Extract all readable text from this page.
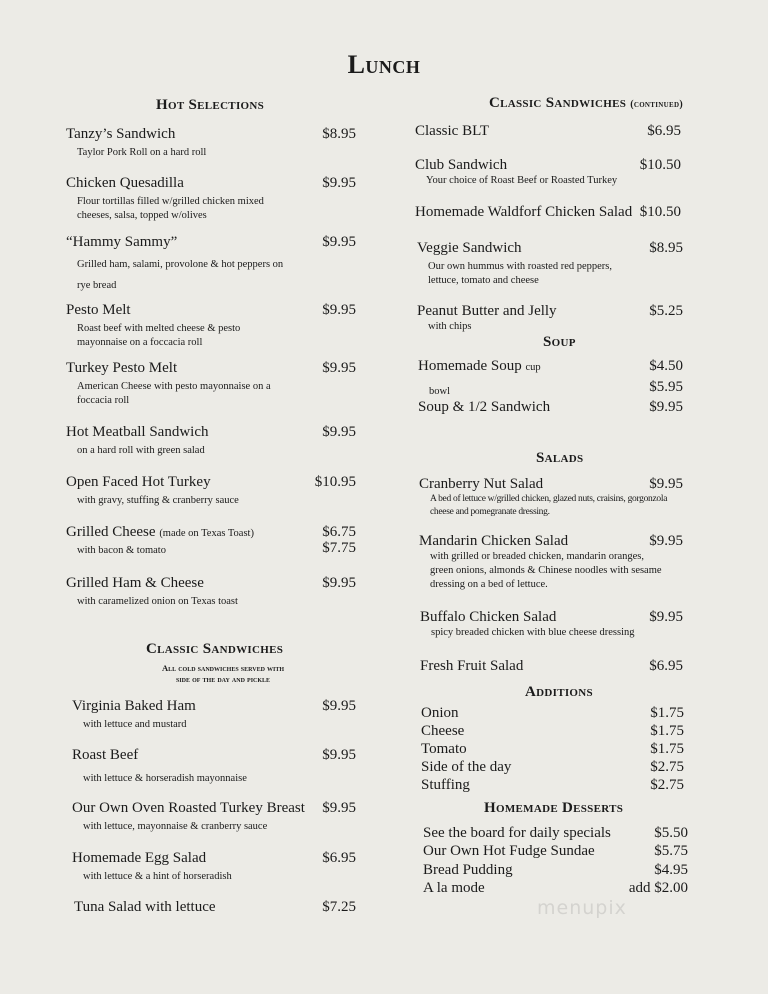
Lunch
Hot Selections
Tanzy’s Sandwich	$8.95
Taylor Pork Roll on a hard roll
Chicken Quesadilla	$9.95
Flour tortillas filled w/grilled chicken mixed cheeses, salsa, topped w/olives
“Hammy Sammy”	$9.95
Grilled ham, salami, provolone & hot peppers on rye bread
Pesto Melt	$9.95
Roast beef with melted cheese & pesto mayonnaise on a foccacia roll
Turkey Pesto Melt	$9.95
American Cheese with pesto mayonnaise on a foccacia roll
Hot Meatball Sandwich	$9.95
on a hard roll with green salad
Open Faced Hot Turkey	$10.95
with gravy, stuffing & cranberry sauce
Grilled Cheese (made on Texas Toast)	$6.75
$7.75
with bacon & tomato
Grilled Ham & Cheese	$9.95
with caramelized onion on Texas toast
Classic Sandwiches
All cold sandwiches served with
side of the day and pickle
Virginia Baked Ham	$9.95
with lettuce and mustard
Roast Beef	$9.95
with lettuce & horseradish mayonnaise
Our Own Oven Roasted Turkey Breast	$9.95
with lettuce, mayonnaise & cranberry sauce
Homemade Egg Salad	$6.95
with lettuce & a hint of horseradish
Tuna Salad with lettuce	$7.25
Classic Sandwiches (continued)
Classic BLT	$6.95
Club Sandwich	$10.50
Your choice of Roast Beef or Roasted Turkey
Homemade Waldforf Chicken Salad $10.50
Veggie Sandwich	$8.95
Our own hummus with roasted red peppers, lettuce, tomato and cheese
Peanut Butter and Jelly	$5.25
with chips
Soup
Homemade Soup cup	$4.50
$_{bowl}$	$5.95
Soup & 1/2 Sandwich	$9.95
Salads
Cranberry Nut Salad	$9.95
A bed of lettuce w/grilled chicken, glazed nuts, craisins, gorgonzola cheese and pomegranate dressing.
Mandarin Chicken Salad	$9.95
with grilled or breaded chicken, mandarin oranges, green onions, almonds & Chinese noodles with sesame dressing on a bed of lettuce.
Buffalo Chicken Salad	$9.95
spicy breaded chicken with blue cheese dressing
Fresh Fruit Salad	$6.95
Additions
Onion	$1.75
Cheese	$1.75
Tomato	$1.75
Side of the day	$2.75
Stuffing	$2.75
Homemade Desserts
See the board for daily specials	$5.50
Our Own Hot Fudge Sundae	$5.75
Bread Pudding	$4.95
A la mode	add $2.00
menupix
